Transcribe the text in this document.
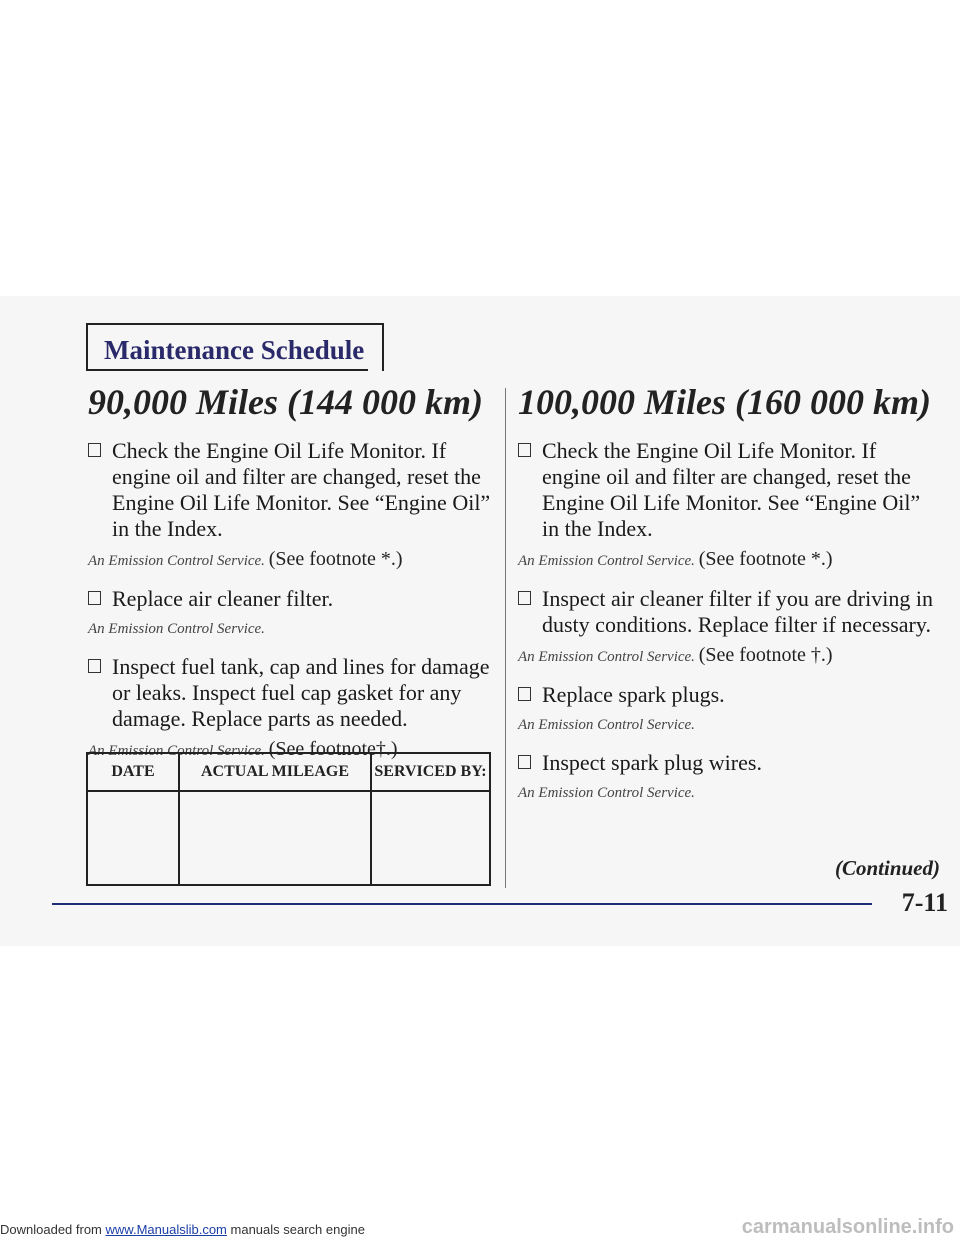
Maintenance Schedule
90,000 Miles (144 000 km)
Check the Engine Oil Life Monitor. If engine oil and filter are changed, reset the Engine Oil Life Monitor. See “Engine Oil” in the Index.
An Emission Control Service. (See footnote *.)
Replace air cleaner filter.
An Emission Control Service.
Inspect fuel tank, cap and lines for damage or leaks. Inspect fuel cap gasket for any damage. Replace parts as needed.
An Emission Control Service. (See footnote†.)
100,000 Miles (160 000 km)
Check the Engine Oil Life Monitor. If engine oil and filter are changed, reset the Engine Oil Life Monitor. See “Engine Oil” in the Index.
An Emission Control Service. (See footnote *.)
Inspect air cleaner filter if you are driving in dusty conditions. Replace filter if necessary.
An Emission Control Service. (See footnote †.)
Replace spark plugs.
An Emission Control Service.
Inspect spark plug wires.
An Emission Control Service.
DATE	ACTUAL MILEAGE	SERVICED BY:

(Continued)
7-11
Downloaded from www.Manualslib.com manuals search engine	carmanualsonline.info
